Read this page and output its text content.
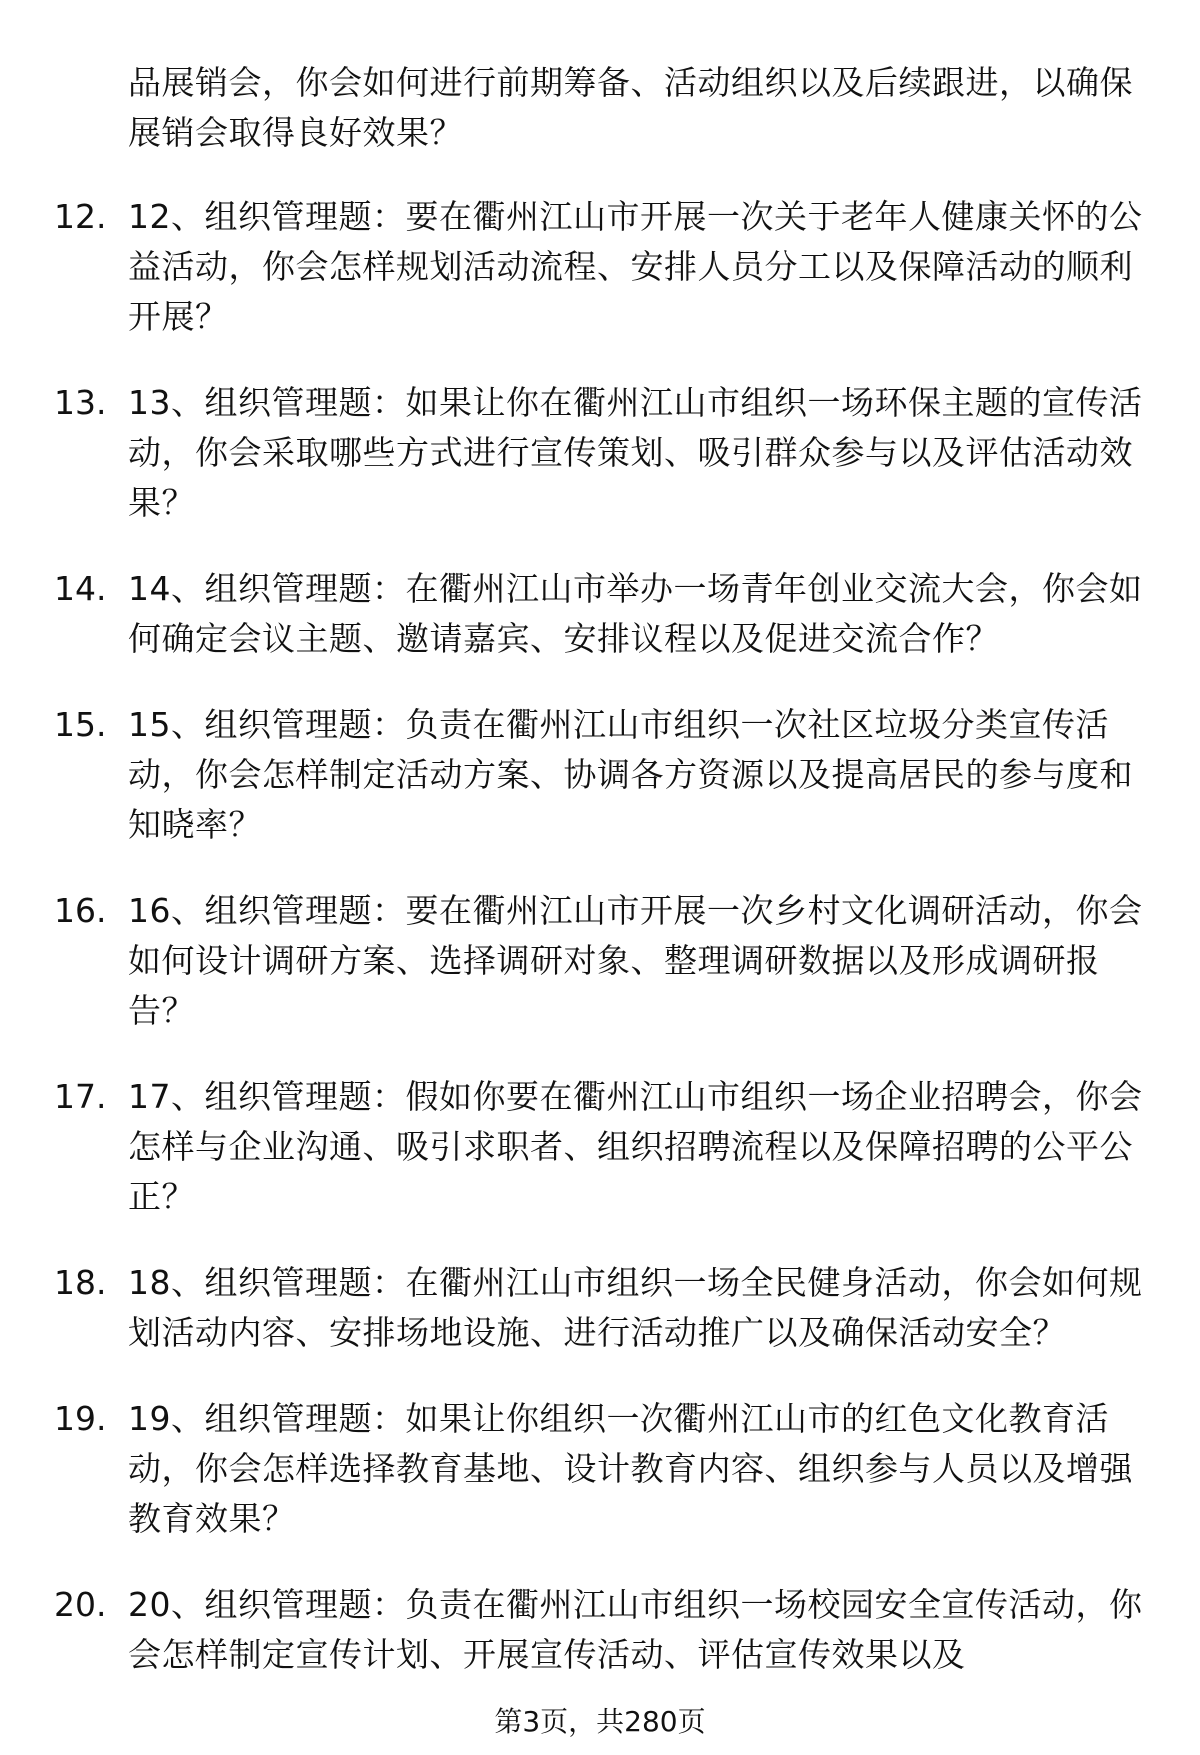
品展销会，你会如何进行前期筹备、活动组织以及后续跟进，以确保展销会取得良好效果？
12. 12、组织管理题：要在衢州江山市开展一次关于老年人健康关怀的公益活动，你会怎样规划活动流程、安排人员分工以及保障活动的顺利开展？
13. 13、组织管理题：如果让你在衢州江山市组织一场环保主题的宣传活动，你会采取哪些方式进行宣传策划、吸引群众参与以及评估活动效果？
14. 14、组织管理题：在衢州江山市举办一场青年创业交流大会，你会如何确定会议主题、邀请嘉宾、安排议程以及促进交流合作？
15. 15、组织管理题：负责在衢州江山市组织一次社区垃圾分类宣传活动，你会怎样制定活动方案、协调各方资源以及提高居民的参与度和知晓率？
16. 16、组织管理题：要在衢州江山市开展一次乡村文化调研活动，你会如何设计调研方案、选择调研对象、整理调研数据以及形成调研报告？
17. 17、组织管理题：假如你要在衢州江山市组织一场企业招聘会，你会怎样与企业沟通、吸引求职者、组织招聘流程以及保障招聘的公平公正？
18. 18、组织管理题：在衢州江山市组织一场全民健身活动，你会如何规划活动内容、安排场地设施、进行活动推广以及确保活动安全？
19. 19、组织管理题：如果让你组织一次衢州江山市的红色文化教育活动，你会怎样选择教育基地、设计教育内容、组织参与人员以及增强教育效果？
20. 20、组织管理题：负责在衢州江山市组织一场校园安全宣传活动，你会怎样制定宣传计划、开展宣传活动、评估宣传效果以及
第3页，共280页
